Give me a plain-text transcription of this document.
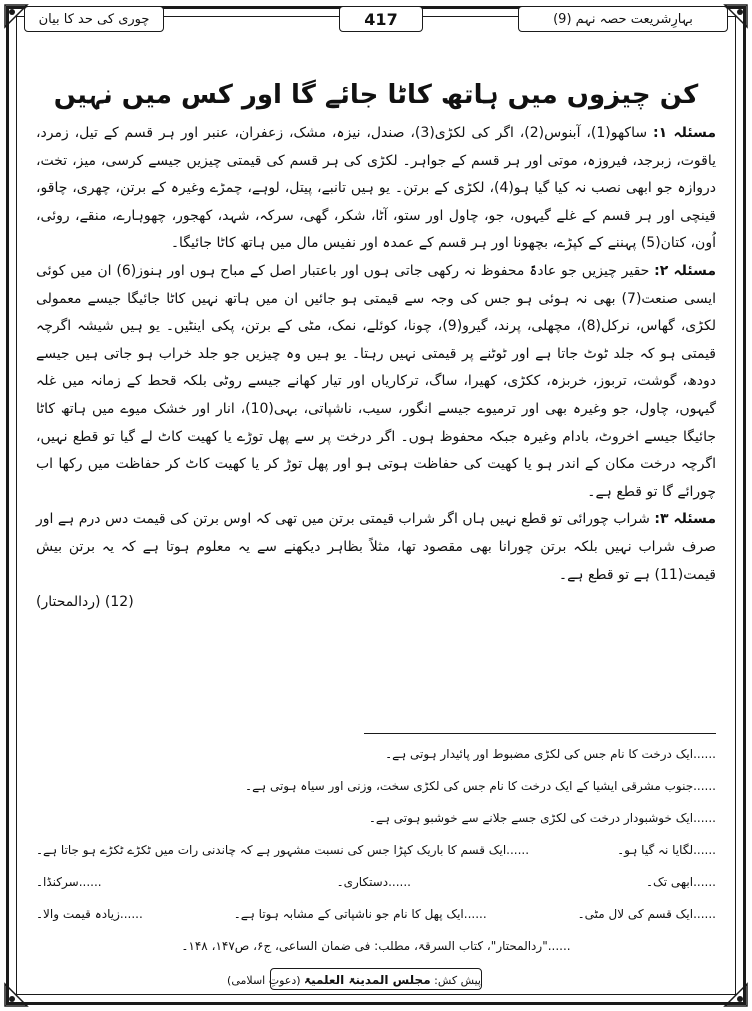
بہارِشریعت حصہ نہم (9)
417
چوری کی حد کا بیان
کن چیزوں میں ہاتھ کاٹا جائے گا اور کس میں نہیں

مسئلہ ۱: ساکھو(1)، آبنوس(2)، اگر کی لکڑی(3)، صندل، نیزہ، مشک، زعفران، عنبر اور ہر قسم کے تیل، زمرد، یاقوت، زبرجد، فیروزہ، موتی اور ہر قسم کے جواہر۔ لکڑی کی ہر قسم کی قیمتی چیزیں جیسے کرسی، میز، تخت، دروازہ جو ابھی نصب نہ کیا گیا ہو(4)، لکڑی کے برتن۔ یو ہیں تانبے، پیتل، لوہے، چمڑے وغیرہ کے برتن، چھری، چاقو، قینچی اور ہر قسم کے غلے گیہوں، جو، چاول اور ستو، آٹا، شکر، گھی، سرکہ، شہد، کھجور، چھوہارے، منقے، روئی، اُون، کتان(5) پہننے کے کپڑے، بچھونا اور ہر قسم کے عمدہ اور نفیس مال میں ہاتھ کاٹا جائیگا۔

مسئلہ ۲: حقیر چیزیں جو عادۃً محفوظ نہ رکھی جاتی ہوں اور باعتبار اصل کے مباح ہوں اور ہنوز(6) ان میں کوئی ایسی صنعت(7) بھی نہ ہوئی ہو جس کی وجہ سے قیمتی ہو جائیں ان میں ہاتھ نہیں کاٹا جائیگا جیسے معمولی لکڑی، گھاس، نرکل(8)، مچھلی، پرند، گیرو(9)، چونا، کوئلے، نمک، مٹی کے برتن، پکی اینٹیں۔ یو ہیں شیشہ اگرچہ قیمتی ہو کہ جلد ٹوٹ جاتا ہے اور ٹوٹنے پر قیمتی نہیں رہتا۔ یو ہیں وہ چیزیں جو جلد خراب ہو جاتی ہیں جیسے دودھ، گوشت، تربوز، خربزہ، ککڑی، کھیرا، ساگ، ترکاریاں اور تیار کھانے جیسے روٹی بلکہ قحط کے زمانہ میں غلہ گیہوں، چاول، جو وغیرہ بھی اور ترمیوے جیسے انگور، سیب، ناشپاتی، بہی(10)، انار اور خشک میوے میں ہاتھ کاٹا جائیگا جیسے اخروٹ، بادام وغیرہ جبکہ محفوظ ہوں۔ اگر درخت پر سے پھل توڑے یا کھیت کاٹ لے گیا تو قطع نہیں، اگرچہ درخت مکان کے اندر ہو یا کھیت کی حفاظت ہوتی ہو اور پھل توڑ کر یا کھیت کاٹ کر حفاظت میں رکھا اب چورائے گا تو قطع ہے۔

مسئلہ ۳: شراب چورائی تو قطع نہیں ہاں اگر شراب قیمتی برتن میں تھی کہ اوس برتن کی قیمت دس درم ہے اور صرف شراب نہیں بلکہ برتن چورانا بھی مقصود تھا، مثلاً بظاہر دیکھنے سے یہ معلوم ہوتا ہے کہ یہ برتن بیش قیمت(11) ہے تو قطع ہے۔
(12) (ردالمحتار)

......ایک درخت کا نام جس کی لکڑی مضبوط اور پائیدار ہوتی ہے۔
......جنوب مشرقی ایشیا کے ایک درخت کا نام جس کی لکڑی سخت، وزنی اور سیاہ ہوتی ہے۔
......ایک خوشبودار درخت کی لکڑی جسے جلانے سے خوشبو ہوتی ہے۔
......لگایا نہ گیا ہو۔
......ایک قسم کا باریک کپڑا جس کی نسبت مشہور ہے کہ چاندنی رات میں ٹکڑے ٹکڑے ہو جاتا ہے۔
......ابھی تک۔
......دستکاری۔
......سرکنڈا۔
......ایک قسم کی لال مٹی۔
......ایک پھل کا نام جو ناشپاتی کے مشابہ ہوتا ہے۔
......زیادہ قیمت والا۔
......"ردالمحتار"، کتاب السرقۃ، مطلب: فی ضمان الساعی، ج۶، ص۱۴۷، ۱۴۸۔
پیش کش: مجلس المدینۃ العلمیۃ (دعوتِ اسلامی)
